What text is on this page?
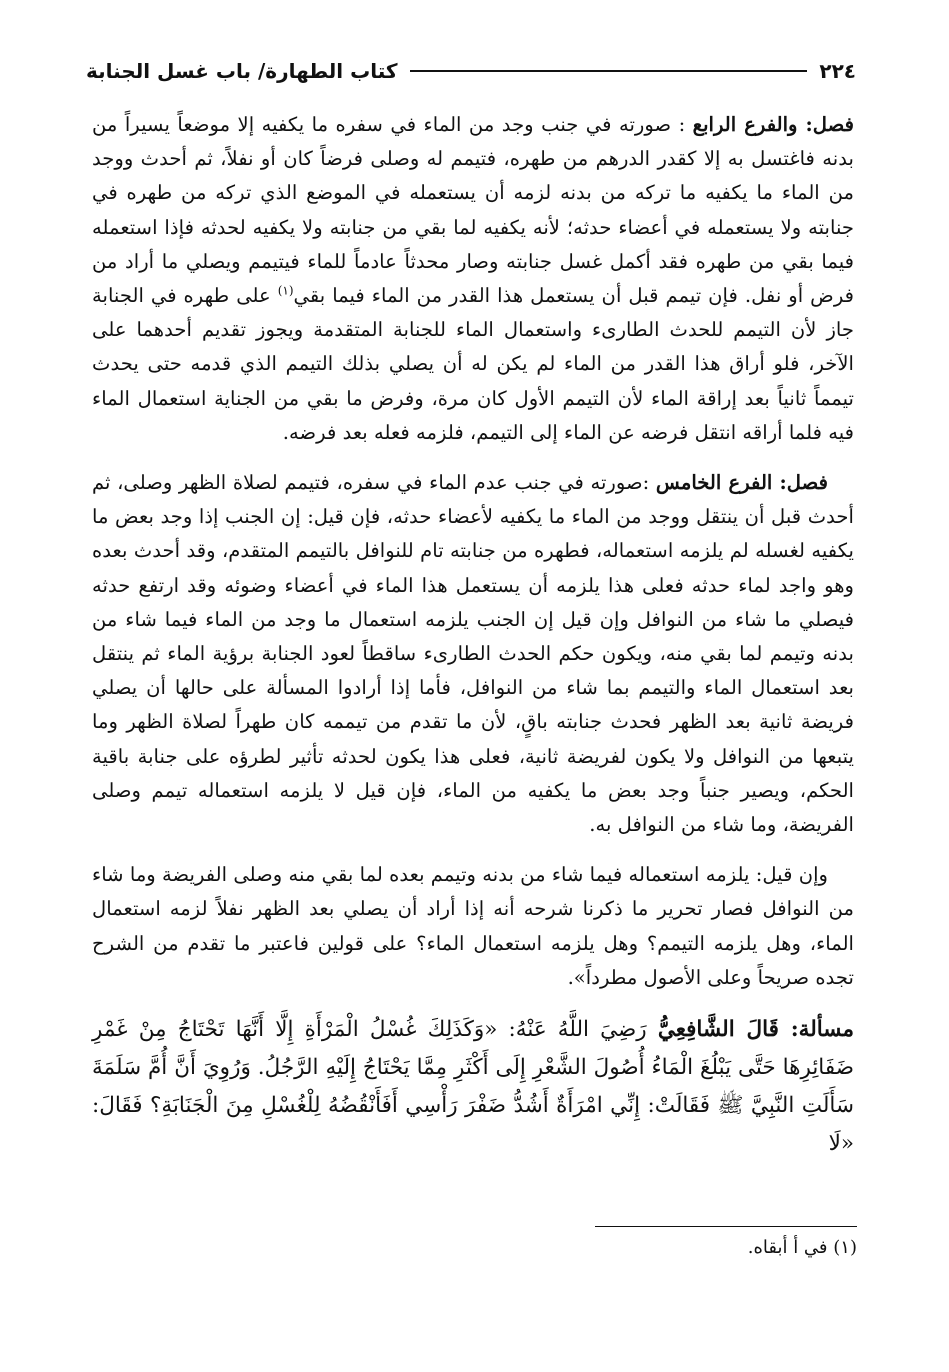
٢٢٤
كتاب الطهارة/ باب غسل الجنابة

فصل: والفرع الرابع : صورته في جنب وجد من الماء في سفره ما يكفيه إلا موضعاً يسيراً من بدنه فاغتسل به إلا كقدر الدرهم من طهره، فتيمم له وصلى فرضاً كان أو نفلاً، ثم أحدث ووجد من الماء ما يكفيه ما تركه من بدنه لزمه أن يستعمله في الموضع الذي تركه من طهره في جنابته ولا يستعمله في أعضاء حدثه؛ لأنه يكفيه لما بقي من جنابته ولا يكفيه لحدثه فإذا استعمله فيما بقي من طهره فقد أكمل غسل جنابته وصار محدثاً عادماً للماء فيتيمم ويصلي ما أراد من فرض أو نفل. فإن تيمم قبل أن يستعمل هذا القدر من الماء فيما بقي$^{(١)}$ على طهره في الجنابة جاز لأن التيمم للحدث الطارىء واستعمال الماء للجنابة المتقدمة ويجوز تقديم أحدهما على الآخر، فلو أراق هذا القدر من الماء لم يكن له أن يصلي بذلك التيمم الذي قدمه حتى يحدث تيمماً ثانياً بعد إراقة الماء لأن التيمم الأول كان مرة، وفرض ما بقي من الجناية استعمال الماء فيه فلما أراقه انتقل فرضه عن الماء إلى التيمم، فلزمه فعله بعد فرضه.

فصل: الفرع الخامس :صورته في جنب عدم الماء في سفره، فتيمم لصلاة الظهر وصلى، ثم أحدث قبل أن ينتقل ووجد من الماء ما يكفيه لأعضاء حدثه، فإن قيل: إن الجنب إذا وجد بعض ما يكفيه لغسله لم يلزمه استعماله، فطهره من جنابته تام للنوافل بالتيمم المتقدم، وقد أحدث بعده وهو واجد لماء حدثه فعلى هذا يلزمه أن يستعمل هذا الماء في أعضاء وضوئه وقد ارتفع حدثه فيصلي ما شاء من النوافل وإن قيل إن الجنب يلزمه استعمال ما وجد من الماء فيما شاء من بدنه وتيمم لما بقي منه، ويكون حكم الحدث الطارىء ساقطاً لعود الجنابة برؤية الماء ثم ينتقل بعد استعمال الماء والتيمم بما شاء من النوافل، فأما إذا أرادوا المسألة على حالها أن يصلي فريضة ثانية بعد الظهر فحدث جنابته باقٍ، لأن ما تقدم من تيممه كان طهراً لصلاة الظهر وما يتبعها من النوافل ولا يكون لفريضة ثانية، فعلى هذا يكون لحدثه تأثير لطرؤه على جنابة باقية الحكم، ويصير جنباً وجد بعض ما يكفيه من الماء، فإن قيل لا يلزمه استعماله تيمم وصلى الفريضة، وما شاء من النوافل به.

وإن قيل: يلزمه استعماله فيما شاء من بدنه وتيمم بعده لما بقي منه وصلى الفريضة وما شاء من النوافل فصار تحرير ما ذكرنا شرحه أنه إذا أراد أن يصلي بعد الظهر نفلاً لزمه استعمال الماء، وهل يلزمه التيمم؟ وهل يلزمه استعمال الماء؟ على قولين فاعتبر ما تقدم من الشرح تجده صريحاً وعلى الأصول مطرداً».

مسألة: قَالَ الشَّافِعِيُّ رَضِيَ اللَّهُ عَنْهُ: «وَكَذَلِكَ غُسْلُ الْمَرْأَةِ إِلَّا أَنَّهَا تَحْتَاجُ مِنْ غَمْرِ ضَفَائِرِهَا حَتَّى يَبْلُغَ الْمَاءُ أُصُولَ الشَّعْرِ إِلَى أَكْثَرِ مِمَّا يَحْتَاجُ إِلَيْهِ الرَّجُلُ. وَرُوِيَ أَنَّ أُمَّ سَلَمَةَ سَأَلَتِ النَّبِيَّ ﷺ فَقَالَتْ: إِنِّي امْرَأَةٌ أَشُدُّ ضَفْرَ رَأْسِي أَفَأَنْقُضُهُ لِلْغُسْلِ مِنَ الْجَنَابَةِ؟ فَقَالَ: «لَا

(١) في أ أبقاه.
